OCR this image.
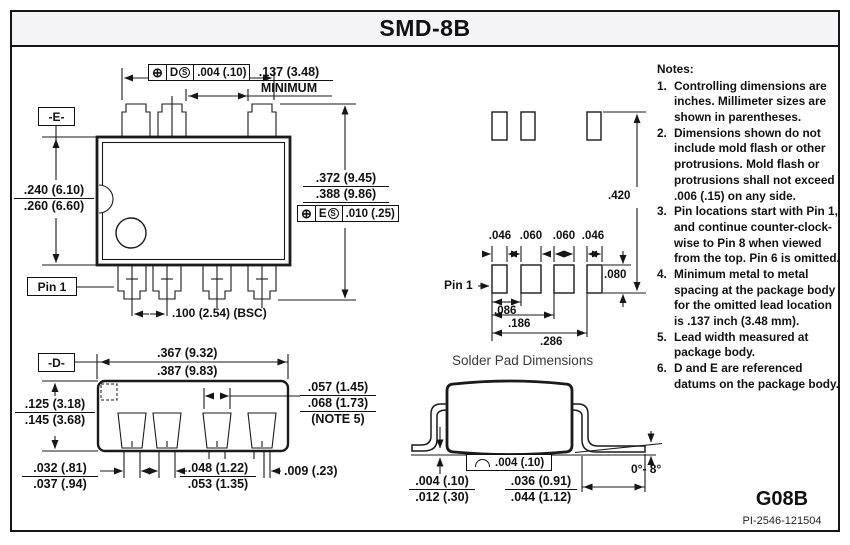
SMD-8B
⊕ D S .004 (.10) .137 (3.48)
MINIMUM
-E-
.240 (6.10)
.260 (6.60)
.372 (9.45)
.388 (9.86)
⊕ E S .010 (.25)
Pin 1
.100 (2.54) (BSC)
-D-
.367 (9.32)
.387 (9.83)
.125 (3.18)
.145 (3.68)
.057 (1.45)
.068 (1.73)
(NOTE 5)
.032 (.81)
.037 (.94)
.048 (1.22)
.053 (1.35)
.009 (.23)
.004 (.10)
.004 (.10)
.012 (.30)
.036 (0.91)
.044 (1.12)
0°- 8°
.046 .060 .060 .046
.080
Pin 1
.086
.186
.286
.420
Solder Pad Dimensions
Notes:
1. Controlling dimensions are inches. Millimeter sizes are shown in parentheses.
2. Dimensions shown do not include mold flash or other protrusions. Mold flash or protrusions shall not exceed .006 (.15) on any side.
3. Pin locations start with Pin 1, and continue counter-clock-wise to Pin 8 when viewed from the top. Pin 6 is omitted.
4. Minimum metal to metal spacing at the package body for the omitted lead location is .137 inch (3.48 mm).
5. Lead width measured at package body.
6. D and E are referenced datums on the package body.
G08B
PI-2546-121504
